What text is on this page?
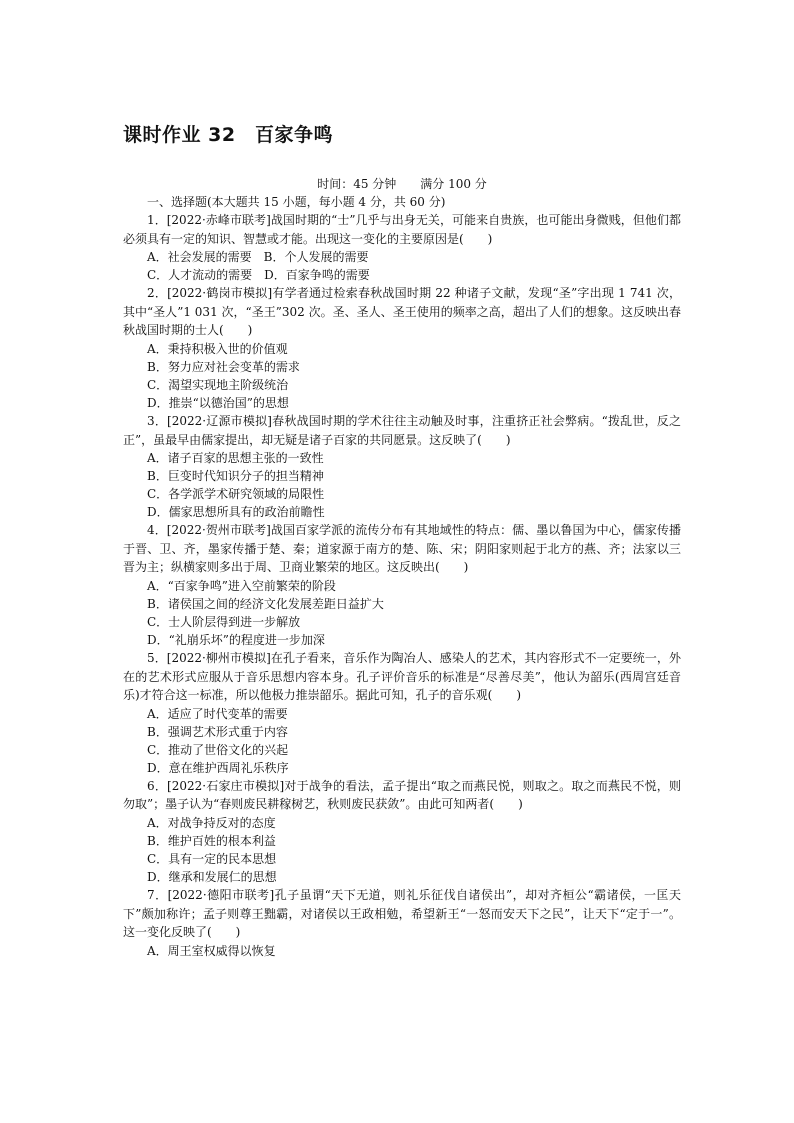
课时作业 32　百家争鸣
时间：45 分钟　　满分 100 分
一、选择题(本大题共 15 小题，每小题 4 分，共 60 分)

1．[2022·赤峰市联考]战国时期的“士”几乎与出身无关，可能来自贵族，也可能出身微贱，但他们都必须具有一定的知识、智慧或才能。出现这一变化的主要原因是(　　)

A．社会发展的需要　B．个人发展的需要
C．人才流动的需要　D．百家争鸣的需要

2．[2022·鹤岗市模拟]有学者通过检索春秋战国时期 22 种诸子文献，发现“圣”字出现 1 741 次，其中“圣人”1 031 次，“圣王”302 次。圣、圣人、圣王使用的频率之高，超出了人们的想象。这反映出春秋战国时期的士人(　　)

A．秉持积极入世的价值观
B．努力应对社会变革的需求
C．渴望实现地主阶级统治
D．推崇“以德治国”的思想

3．[2022·辽源市模拟]春秋战国时期的学术往往主动触及时事，注重挤正社会弊病。“拨乱世，反之正”，虽最早由儒家提出，却无疑是诸子百家的共同愿景。这反映了(　　)

A．诸子百家的思想主张的一致性
B．巨变时代知识分子的担当精神
C．各学派学术研究领域的局限性
D．儒家思想所具有的政治前瞻性

4．[2022·贺州市联考]战国百家学派的流传分布有其地域性的特点：儒、墨以鲁国为中心，儒家传播于晋、卫、齐，墨家传播于楚、秦；道家源于南方的楚、陈、宋；阴阳家则起于北方的燕、齐；法家以三晋为主；纵横家则多出于周、卫商业繁荣的地区。这反映出(　　)

A．“百家争鸣”进入空前繁荣的阶段
B．诸侯国之间的经济文化发展差距日益扩大
C．士人阶层得到进一步解放
D．“礼崩乐坏”的程度进一步加深

5．[2022·柳州市模拟]在孔子看来，音乐作为陶冶人、感染人的艺术，其内容形式不一定要统一，外在的艺术形式应服从于音乐思想内容本身。孔子评价音乐的标准是“尽善尽美”，他认为韶乐(西周宫廷音乐)才符合这一标准，所以他极力推崇韶乐。据此可知，孔子的音乐观(　　)

A．适应了时代变革的需要
B．强调艺术形式重于内容
C．推动了世俗文化的兴起
D．意在维护西周礼乐秩序

6．[2022·石家庄市模拟]对于战争的看法，孟子提出“取之而燕民悦，则取之。取之而燕民不悦，则勿取”；墨子认为“春则废民耕稼树艺，秋则废民获敛”。由此可知两者(　　)

A．对战争持反对的态度
B．维护百姓的根本利益
C．具有一定的民本思想
D．继承和发展仁的思想

7．[2022·德阳市联考]孔子虽谓“天下无道，则礼乐征伐自诸侯出”，却对齐桓公“霸诸侯，一匡天下”颇加称许；孟子则尊王黜霸，对诸侯以王政相勉，希望新王“一怒而安天下之民”，让天下“定于一”。这一变化反映了(　　)

A．周王室权威得以恢复
